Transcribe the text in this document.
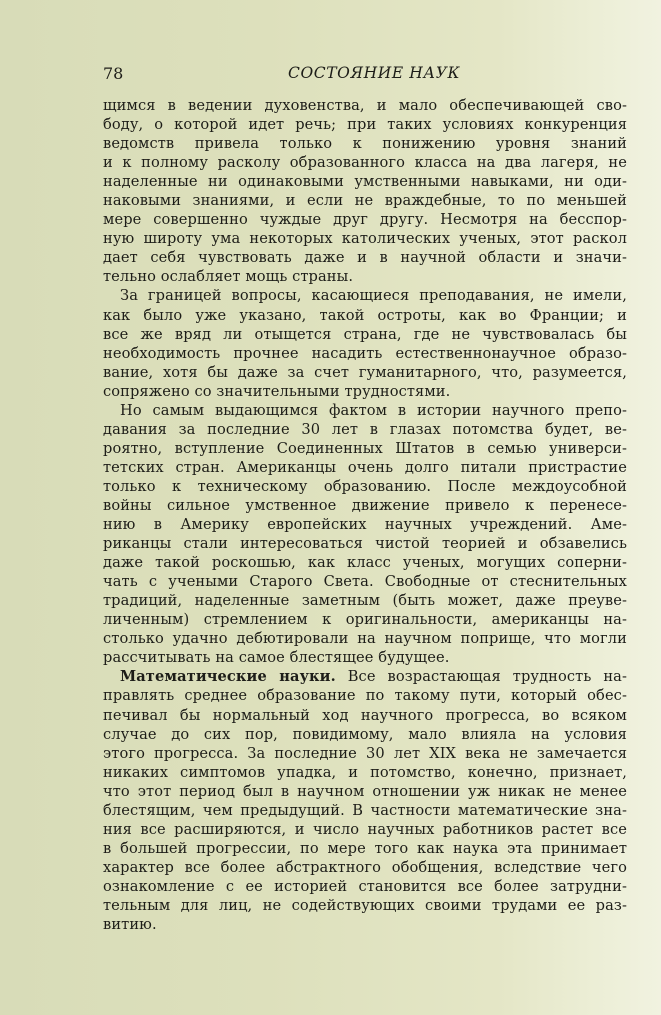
78	СОСТОЯНИЕ НАУК
щимся в ведении духовенства, и мало обеспечивающей сво-
боду, о которой идет речь; при таких условиях конкуренция
ведомств привела только к понижению уровня знаний
и к полному расколу образованного класса на два лагеря, не
наделенные ни одинаковыми умственными навыками, ни оди-
наковыми знаниями, и если не враждебные, то по меньшей
мере совершенно чуждые друг другу. Несмотря на бесспор-
ную широту ума некоторых католических ученых, этот раскол
дает себя чувствовать даже и в научной области и значи-
тельно ослабляет мощь страны.
За границей вопросы, касающиеся преподавания, не имели,
как было уже указано, такой остроты, как во Франции; и
все же вряд ли отыщется страна, где не чувствовалась бы
необходимость прочнее насадить естественнонаучное образо-
вание, хотя бы даже за счет гуманитарного, что, разумеется,
сопряжено со значительными трудностями.
Но самым выдающимся фактом в истории научного препо-
давания за последние 30 лет в глазах потомства будет, ве-
роятно, вступление Соединенных Штатов в семью универси-
тетских стран. Американцы очень долго питали пристрастие
только к техническому образованию. После междоусобной
войны сильное умственное движение привело к перенесе-
нию в Америку европейских научных учреждений. Аме-
риканцы стали интересоваться чистой теорией и обзавелись
даже такой роскошью, как класс ученых, могущих соперни-
чать с учеными Старого Света. Свободные от стеснительных
традиций, наделенные заметным (быть может, даже преуве-
личенным) стремлением к оригинальности, американцы на-
столько удачно дебютировали на научном поприще, что могли
рассчитывать на самое блестящее будущее.
Математические науки. Все возрастающая трудность на-
правлять среднее образование по такому пути, который обес-
печивал бы нормальный ход научного прогресса, во всяком
случае до сих пор, повидимому, мало влияла на условия
этого прогресса. За последние 30 лет XIX века не замечается
никаких симптомов упадка, и потомство, конечно, признает,
что этот период был в научном отношении уж никак не менее
блестящим, чем предыдущий. В частности математические зна-
ния все расширяются, и число научных работников растет все
в большей прогрессии, по мере того как наука эта принимает
характер все более абстрактного обобщения, вследствие чего
ознакомление с ее историей становится все более затрудни-
тельным для лиц, не содействующих своими трудами ее раз-
витию.
